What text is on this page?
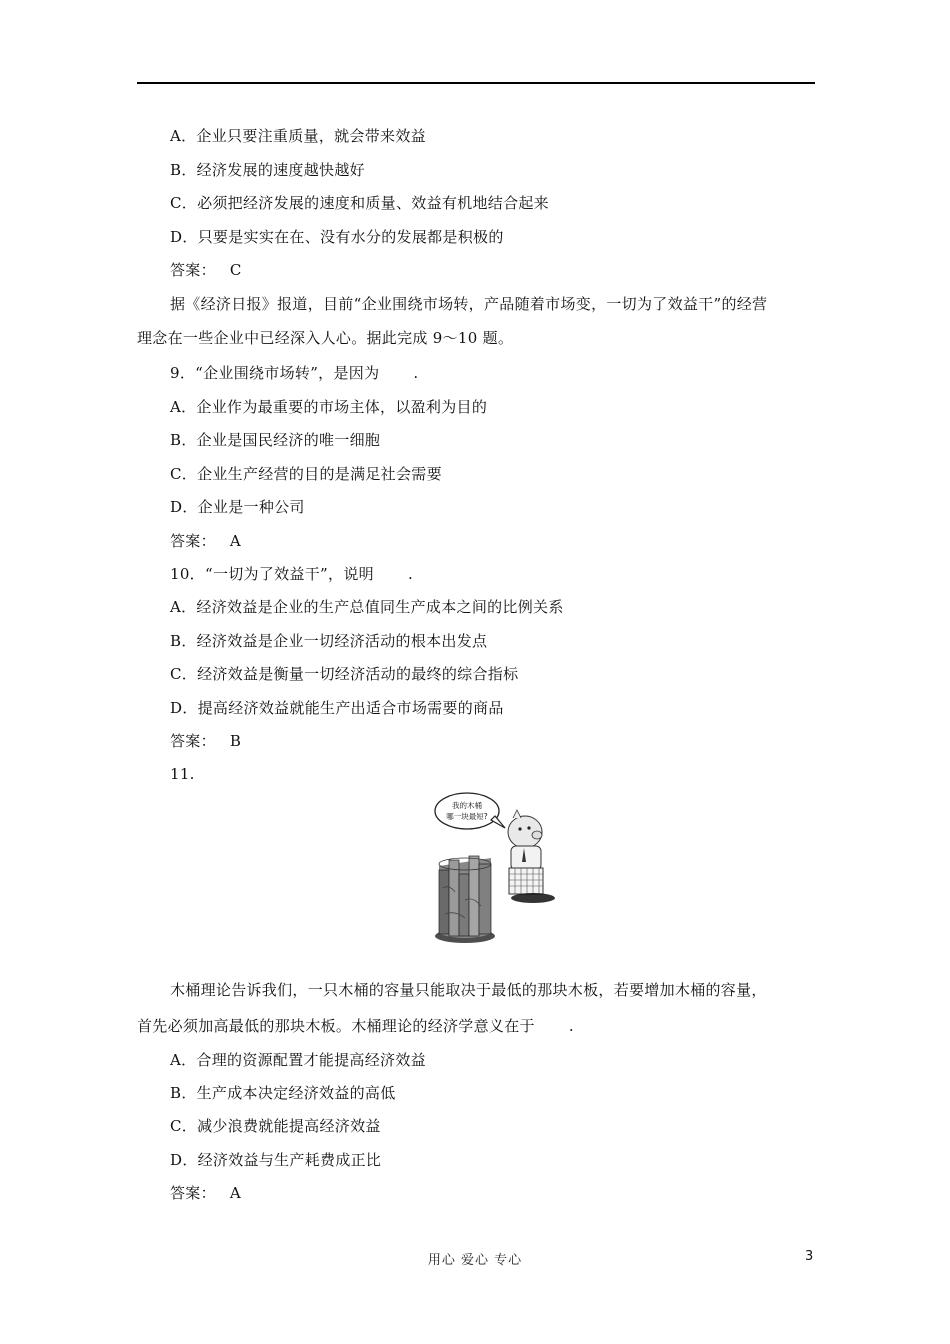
A．企业只要注重质量，就会带来效益
B．经济发展的速度越快越好
C．必须把经济发展的速度和质量、效益有机地结合起来
D．只要是实实在在、没有水分的发展都是积极的
答案： C
据《经济日报》报道，目前“企业围绕市场转，产品随着市场变，一切为了效益干”的经营
理念在一些企业中已经深入人心。据此完成 9～10 题。
9．“企业围绕市场转”，是因为 .
A．企业作为最重要的市场主体，以盈利为目的
B．企业是国民经济的唯一细胞
C．企业生产经营的目的是满足社会需要
D．企业是一种公司
答案： A
10．“一切为了效益干”，说明 .
A．经济效益是企业的生产总值同生产成本之间的比例关系
B．经济效益是企业一切经济活动的根本出发点
C．经济效益是衡量一切经济活动的最终的综合指标
D．提高经济效益就能生产出适合市场需要的商品
答案： B
11.
我的木桶
哪一块最短?
木桶理论告诉我们，一只木桶的容量只能取决于最低的那块木板，若要增加木桶的容量，
首先必须加高最低的那块木板。木桶理论的经济学意义在于 .
A．合理的资源配置才能提高经济效益
B．生产成本决定经济效益的高低
C．减少浪费就能提高经济效益
D．经济效益与生产耗费成正比
答案： A
用心 爱心 专心	3
